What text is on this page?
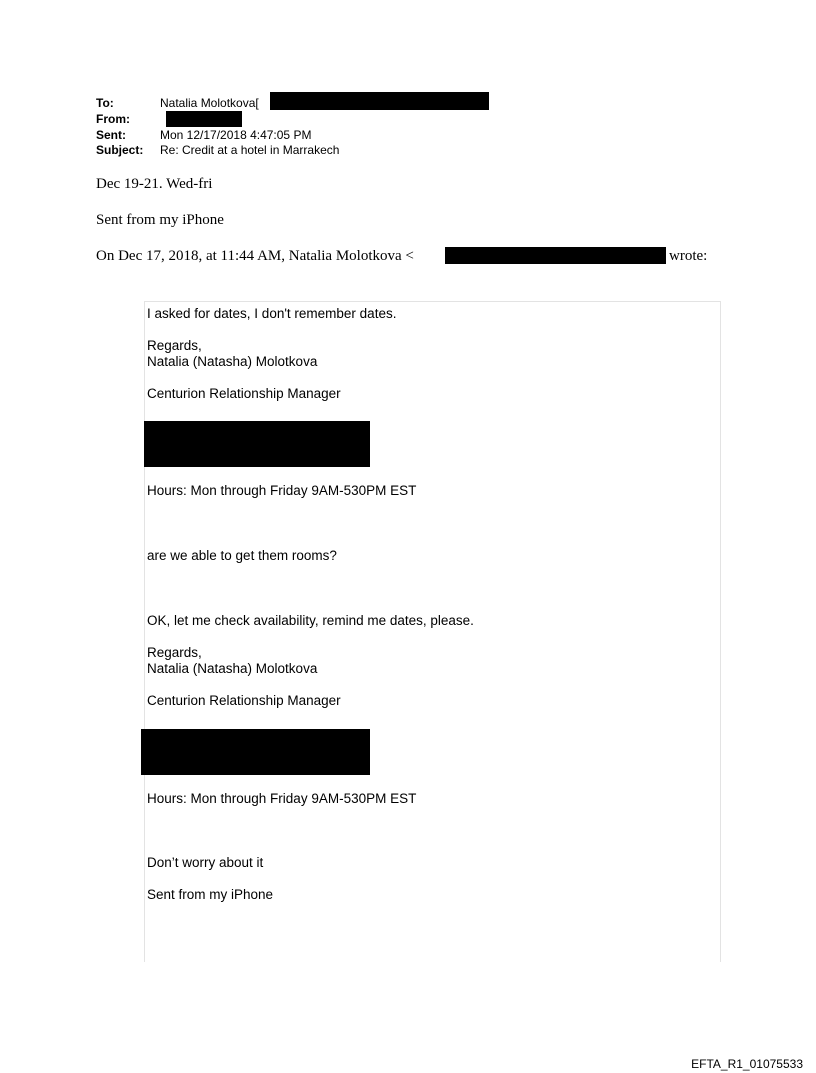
To:	Natalia Molotkova[
From:
Sent:	Mon 12/17/2018 4:47:05 PM
Subject: Re: Credit at a hotel in Marrakech
Dec 19-21. Wed-fri
Sent from my iPhone
On Dec 17, 2018, at 11:44 AM, Natalia Molotkova <	wrote:
I asked for dates, I don't remember dates.
Regards,
Natalia (Natasha) Molotkova
Centurion Relationship Manager
Hours: Mon through Friday 9AM-530PM EST
are we able to get them rooms?
OK, let me check availability, remind me dates, please.
Regards,
Natalia (Natasha) Molotkova
Centurion Relationship Manager
Hours: Mon through Friday 9AM-530PM EST
Don’t worry about it
Sent from my iPhone
EFTA_R1_01075533
